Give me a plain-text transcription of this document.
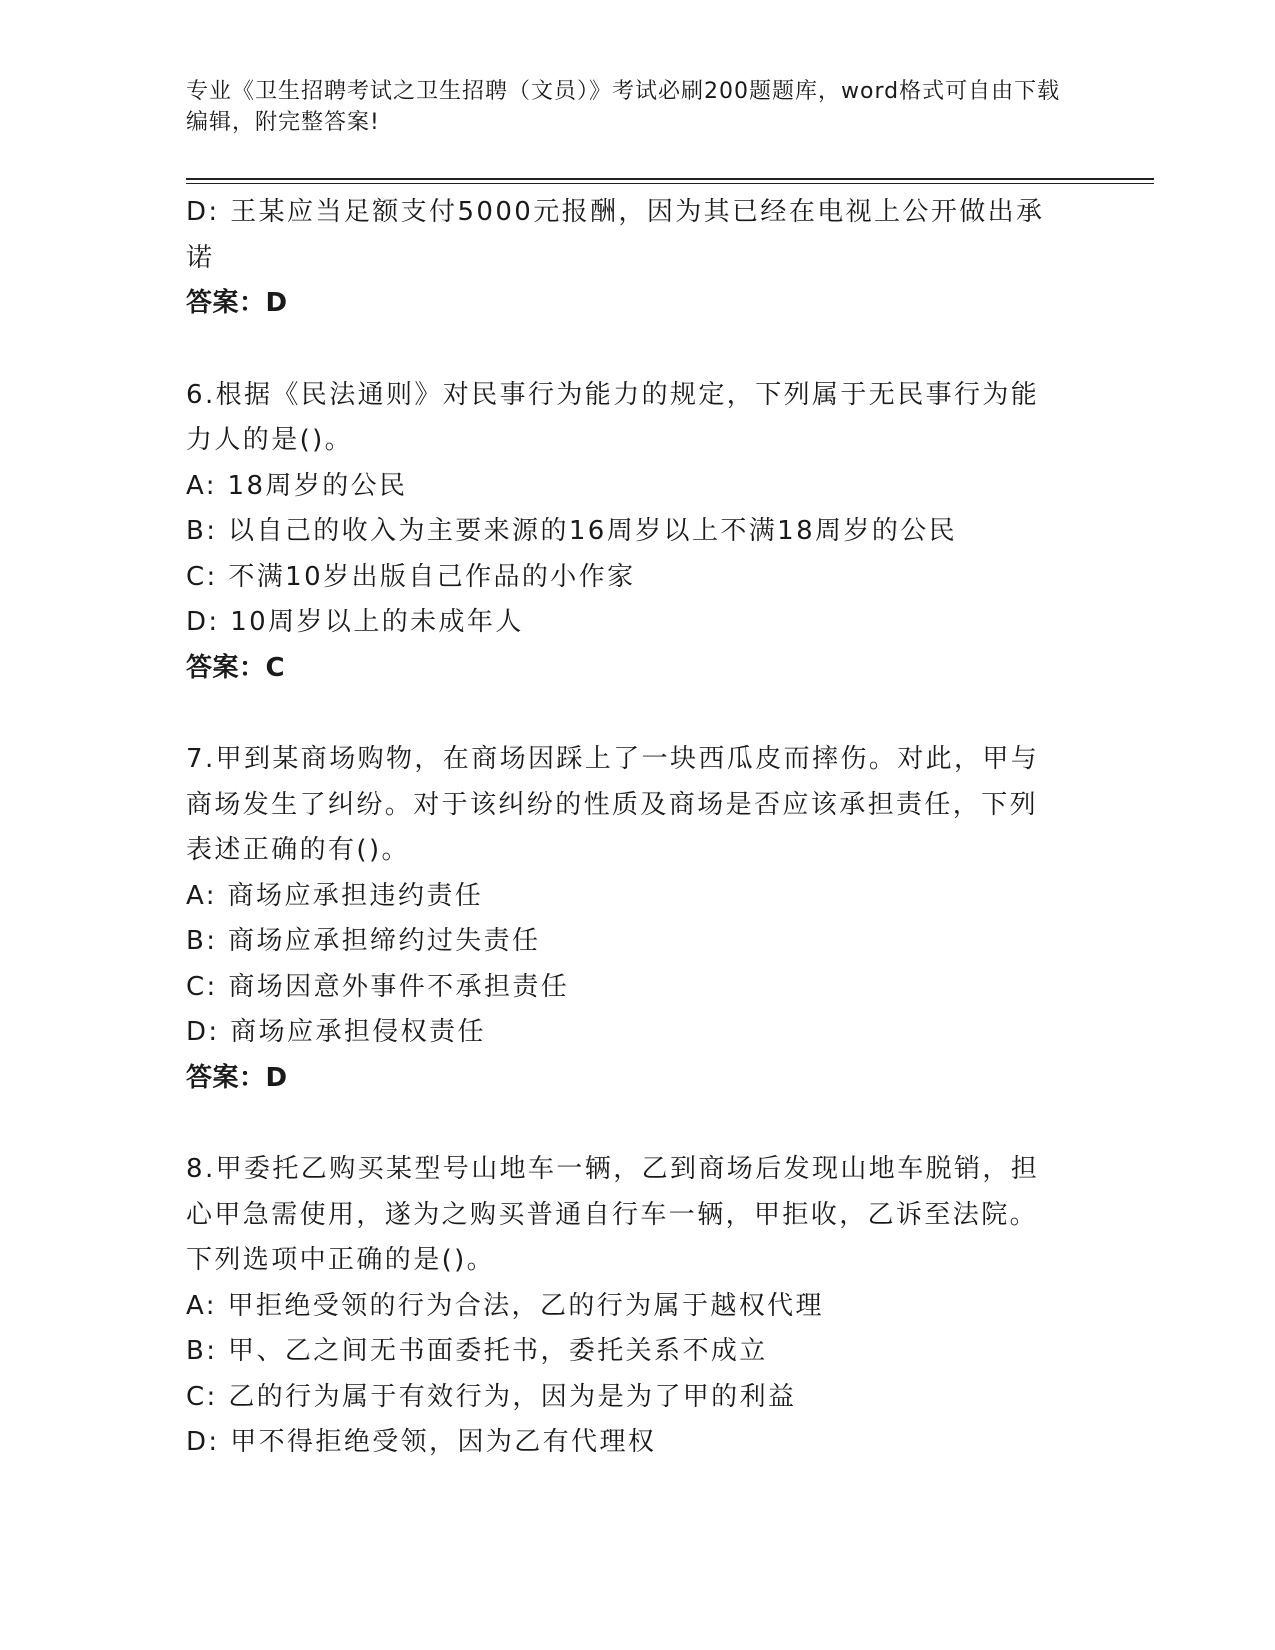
专业《卫生招聘考试之卫生招聘（文员）》考试必刷200题题库，word格式可自由下载编辑，附完整答案!
D: 王某应当足额支付5000元报酬，因为其已经在电视上公开做出承诺
答案：D
6.根据《民法通则》对民事行为能力的规定，下列属于无民事行为能力人的是()。
A: 18周岁的公民
B: 以自己的收入为主要来源的16周岁以上不满18周岁的公民
C: 不满10岁出版自己作品的小作家
D: 10周岁以上的未成年人
答案：C
7.甲到某商场购物，在商场因踩上了一块西瓜皮而摔伤。对此，甲与商场发生了纠纷。对于该纠纷的性质及商场是否应该承担责任，下列表述正确的有()。
A: 商场应承担违约责任
B: 商场应承担缔约过失责任
C: 商场因意外事件不承担责任
D: 商场应承担侵权责任
答案：D
8.甲委托乙购买某型号山地车一辆，乙到商场后发现山地车脱销，担心甲急需使用，遂为之购买普通自行车一辆，甲拒收，乙诉至法院。下列选项中正确的是()。
A: 甲拒绝受领的行为合法，乙的行为属于越权代理
B: 甲、乙之间无书面委托书，委托关系不成立
C: 乙的行为属于有效行为，因为是为了甲的利益
D: 甲不得拒绝受领，因为乙有代理权
